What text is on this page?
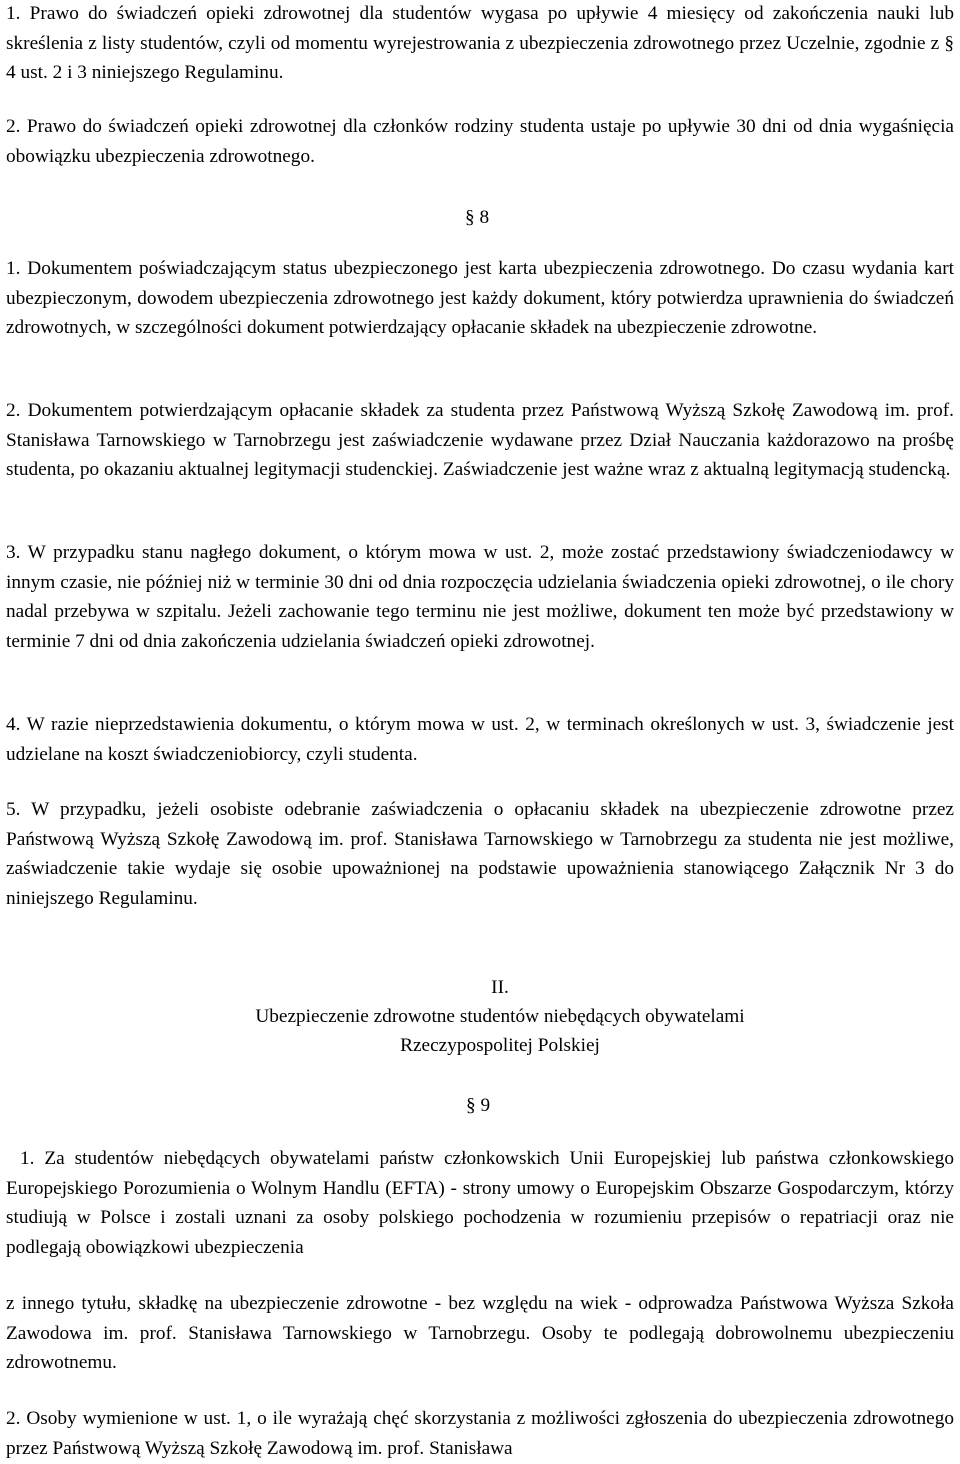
1. Prawo do świadczeń opieki zdrowotnej dla studentów wygasa po upływie 4 miesięcy od zakończenia nauki lub skreślenia z listy studentów, czyli od momentu wyrejestrowania z ubezpieczenia zdrowotnego przez Uczelnie, zgodnie z § 4 ust. 2 i 3 niniejszego Regulaminu.

2. Prawo do świadczeń opieki zdrowotnej dla członków rodziny studenta ustaje po upływie 30 dni od dnia wygaśnięcia obowiązku ubezpieczenia zdrowotnego.

§ 8

1. Dokumentem poświadczającym status ubezpieczonego jest karta ubezpieczenia zdrowotnego. Do czasu wydania kart ubezpieczonym, dowodem ubezpieczenia zdrowotnego jest każdy dokument, który potwierdza uprawnienia do świadczeń zdrowotnych, w szczególności dokument potwierdzający opłacanie składek na ubezpieczenie zdrowotne.

2. Dokumentem potwierdzającym opłacanie składek za studenta przez Państwową Wyższą Szkołę Zawodową im. prof. Stanisława Tarnowskiego w Tarnobrzegu jest zaświadczenie wydawane przez Dział Nauczania każdorazowo na prośbę studenta, po okazaniu aktualnej legitymacji studenckiej. Zaświadczenie jest ważne wraz z aktualną legitymacją studencką.

3. W przypadku stanu nagłego dokument, o którym mowa w ust. 2, może zostać przedstawiony świadczeniodawcy w innym czasie, nie później niż w terminie 30 dni od dnia rozpoczęcia udzielania świadczenia opieki zdrowotnej, o ile chory nadal przebywa w szpitalu. Jeżeli zachowanie tego terminu nie jest możliwe, dokument ten może być przedstawiony w terminie 7 dni od dnia zakończenia udzielania świadczeń opieki zdrowotnej.

4. W razie nieprzedstawienia dokumentu, o którym mowa w ust. 2, w terminach określonych w ust. 3, świadczenie jest udzielane na koszt świadczeniobiorcy, czyli studenta.

5. W przypadku, jeżeli osobiste odebranie zaświadczenia o opłacaniu składek na ubezpieczenie zdrowotne przez Państwową Wyższą Szkołę Zawodową im. prof. Stanisława Tarnowskiego w Tarnobrzegu za studenta nie jest możliwe, zaświadczenie takie wydaje się osobie upoważnionej na podstawie upoważnienia stanowiącego Załącznik Nr 3 do niniejszego Regulaminu.

II.
Ubezpieczenie zdrowotne studentów niebędących obywatelami
Rzeczypospolitej Polskiej
§ 9

1. Za studentów niebędących obywatelami państw członkowskich Unii Europejskiej lub państwa członkowskiego Europejskiego Porozumienia o Wolnym Handlu (EFTA) - strony umowy o Europejskim Obszarze Gospodarczym, którzy studiują w Polsce i zostali uznani za osoby polskiego pochodzenia w rozumieniu przepisów o repatriacji oraz nie podlegają obowiązkowi ubezpieczenia

z innego tytułu, składkę na ubezpieczenie zdrowotne - bez względu na wiek - odprowadza Państwowa Wyższa Szkoła Zawodowa im. prof. Stanisława Tarnowskiego w Tarnobrzegu. Osoby te podlegają dobrowolnemu ubezpieczeniu zdrowotnemu.

2. Osoby wymienione w ust. 1, o ile wyrażają chęć skorzystania z możliwości zgłoszenia do ubezpieczenia zdrowotnego przez Państwową Wyższą Szkołę Zawodową im. prof. Stanisława
